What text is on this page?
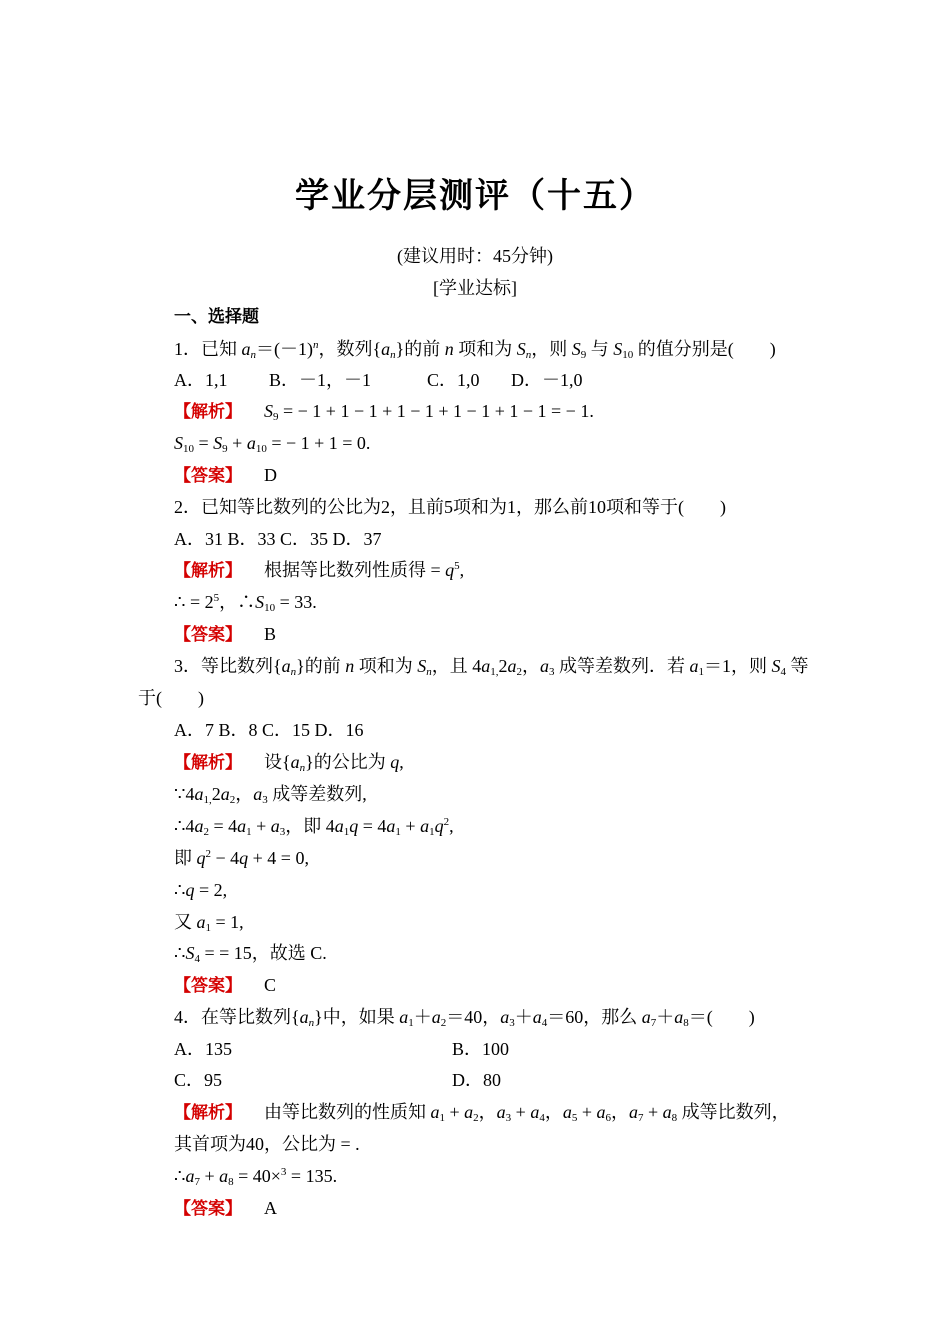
学业分层测评（十五）
(建议用时：45分钟)
[学业达标]
一、选择题
1．已知 $a_n=(-1)^n$，数列$\{a_n\}$的前 n 项和为 $S_n$，则 $S_9$ 与 $S_{10}$ 的值分别是(　　)
A．1,1 B．－1，－1	C．1,0 D．－1,0
【解析】 $S_9$ = − 1 + 1 − 1 + 1 − 1 + 1 − 1 + 1 − 1 = − 1.
$S_{10} = S_9 + a_{10}$ = − 1 + 1 = 0.
【答案】 D
2．已知等比数列的公比为2，且前5项和为1，那么前10项和等于(　　)
A．31 B．33 C．35 D．37
【解析】 根据等比数列性质得 = $q^5$,
∴ = $2^5$，$\therefore S_{10} = 33$.
【答案】 B
3．等比数列$\{a_n\}$的前 n 项和为 $S_n$，且 $4a_{1,}2a_2$，$a_3$ 成等差数列．若 $a_1=1$，则 $S_4$ 等
于(　　)
A．7 B．8 C．15 D．16
【解析】 设$\{a_n\}$的公比为 q,
$\because 4a_{1,}2a_2$，$a_3$ 成等差数列,
$\therefore 4a_2 = 4a_1 + a_3$，即 $4a_1q = 4a_1 + a_1q^2$,
即 $q^2 - 4q + 4 = 0$,
∴q = 2,
又 $a_1 = 1$,
$\therefore S_4$ = = 15，故选 C.
【答案】 C
4．在等比数列$\{a_n\}$中，如果 $a_1+a_2=40$，$a_3+a_4=60$，那么 $a_7+a_8=$(　　)
A．135	B．100
C．95	D．80
【解析】 由等比数列的性质知 $a_1 + a_2$，$a_3 + a_4$，$a_5 + a_6$，$a_7 + a_8$ 成等比数列，
其首项为40，公比为 = .
$\therefore a_7 + a_8 = 40\times^3 = 135$.
【答案】 A
